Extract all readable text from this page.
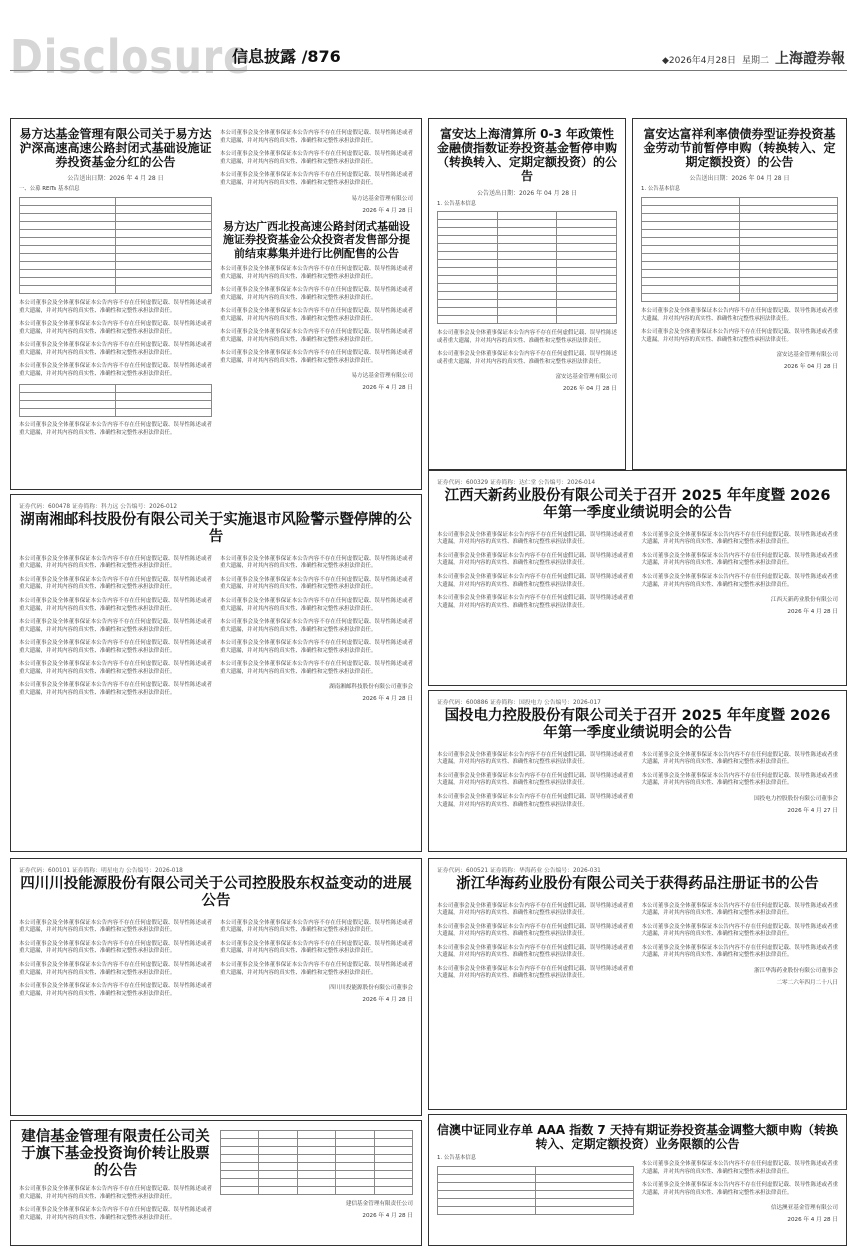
Disclosure
信息披露 /876	◆2026年4月28日 星期二 上海證券報
易方达基金管理有限公司关于易方达沪深高速高速公路封闭式基础设施证券投资基金分红的公告
公告送出日期：2026 年 4 月 28 日
一、公募 REITs 基本信息

本公司董事会及全体董事保证本公告内容不存在任何虚假记载、误导性陈述或者重大遗漏，并对其内容的真实性、准确性和完整性承担法律责任。

本公司董事会及全体董事保证本公告内容不存在任何虚假记载、误导性陈述或者重大遗漏，并对其内容的真实性、准确性和完整性承担法律责任。

本公司董事会及全体董事保证本公告内容不存在任何虚假记载、误导性陈述或者重大遗漏，并对其内容的真实性、准确性和完整性承担法律责任。

本公司董事会及全体董事保证本公告内容不存在任何虚假记载、误导性陈述或者重大遗漏，并对其内容的真实性、准确性和完整性承担法律责任。

本公司董事会及全体董事保证本公告内容不存在任何虚假记载、误导性陈述或者重大遗漏，并对其内容的真实性、准确性和完整性承担法律责任。

本公司董事会及全体董事保证本公告内容不存在任何虚假记载、误导性陈述或者重大遗漏，并对其内容的真实性、准确性和完整性承担法律责任。

本公司董事会及全体董事保证本公告内容不存在任何虚假记载、误导性陈述或者重大遗漏，并对其内容的真实性、准确性和完整性承担法律责任。

本公司董事会及全体董事保证本公告内容不存在任何虚假记载、误导性陈述或者重大遗漏，并对其内容的真实性、准确性和完整性承担法律责任。

易方达基金管理有限公司
2026 年 4 月 28 日
易方达广西北投高速公路封闭式基础设施证券投资基金公众投资者发售部分提前结束募集并进行比例配售的公告

本公司董事会及全体董事保证本公告内容不存在任何虚假记载、误导性陈述或者重大遗漏，并对其内容的真实性、准确性和完整性承担法律责任。

本公司董事会及全体董事保证本公告内容不存在任何虚假记载、误导性陈述或者重大遗漏，并对其内容的真实性、准确性和完整性承担法律责任。

本公司董事会及全体董事保证本公告内容不存在任何虚假记载、误导性陈述或者重大遗漏，并对其内容的真实性、准确性和完整性承担法律责任。

本公司董事会及全体董事保证本公告内容不存在任何虚假记载、误导性陈述或者重大遗漏，并对其内容的真实性、准确性和完整性承担法律责任。

本公司董事会及全体董事保证本公告内容不存在任何虚假记载、误导性陈述或者重大遗漏，并对其内容的真实性、准确性和完整性承担法律责任。

易方达基金管理有限公司
2026 年 4 月 28 日
富安达上海清算所 0-3 年政策性金融债指数证券投资基金暂停申购（转换转入、定期定额投资）的公告
公告送出日期：2026 年 04 月 28 日
1. 公告基本信息

本公司董事会及全体董事保证本公告内容不存在任何虚假记载、误导性陈述或者重大遗漏，并对其内容的真实性、准确性和完整性承担法律责任。

本公司董事会及全体董事保证本公告内容不存在任何虚假记载、误导性陈述或者重大遗漏，并对其内容的真实性、准确性和完整性承担法律责任。

富安达基金管理有限公司
2026 年 04 月 28 日
富安达富祥利率债债券型证券投资基金劳动节前暂停申购（转换转入、定期定额投资）的公告
公告送出日期：2026 年 04 月 28 日
1. 公告基本信息

本公司董事会及全体董事保证本公告内容不存在任何虚假记载、误导性陈述或者重大遗漏，并对其内容的真实性、准确性和完整性承担法律责任。

本公司董事会及全体董事保证本公告内容不存在任何虚假记载、误导性陈述或者重大遗漏，并对其内容的真实性、准确性和完整性承担法律责任。

富安达基金管理有限公司
2026 年 04 月 28 日
证券代码：600478 证券简称：科力远 公告编号：2026-012
湖南湘邮科技股份有限公司关于实施退市风险警示暨停牌的公告

本公司董事会及全体董事保证本公告内容不存在任何虚假记载、误导性陈述或者重大遗漏，并对其内容的真实性、准确性和完整性承担法律责任。

本公司董事会及全体董事保证本公告内容不存在任何虚假记载、误导性陈述或者重大遗漏，并对其内容的真实性、准确性和完整性承担法律责任。

本公司董事会及全体董事保证本公告内容不存在任何虚假记载、误导性陈述或者重大遗漏，并对其内容的真实性、准确性和完整性承担法律责任。

本公司董事会及全体董事保证本公告内容不存在任何虚假记载、误导性陈述或者重大遗漏，并对其内容的真实性、准确性和完整性承担法律责任。

本公司董事会及全体董事保证本公告内容不存在任何虚假记载、误导性陈述或者重大遗漏，并对其内容的真实性、准确性和完整性承担法律责任。

本公司董事会及全体董事保证本公告内容不存在任何虚假记载、误导性陈述或者重大遗漏，并对其内容的真实性、准确性和完整性承担法律责任。

本公司董事会及全体董事保证本公告内容不存在任何虚假记载、误导性陈述或者重大遗漏，并对其内容的真实性、准确性和完整性承担法律责任。

本公司董事会及全体董事保证本公告内容不存在任何虚假记载、误导性陈述或者重大遗漏，并对其内容的真实性、准确性和完整性承担法律责任。

本公司董事会及全体董事保证本公告内容不存在任何虚假记载、误导性陈述或者重大遗漏，并对其内容的真实性、准确性和完整性承担法律责任。

本公司董事会及全体董事保证本公告内容不存在任何虚假记载、误导性陈述或者重大遗漏，并对其内容的真实性、准确性和完整性承担法律责任。

本公司董事会及全体董事保证本公告内容不存在任何虚假记载、误导性陈述或者重大遗漏，并对其内容的真实性、准确性和完整性承担法律责任。

本公司董事会及全体董事保证本公告内容不存在任何虚假记载、误导性陈述或者重大遗漏，并对其内容的真实性、准确性和完整性承担法律责任。

本公司董事会及全体董事保证本公告内容不存在任何虚假记载、误导性陈述或者重大遗漏，并对其内容的真实性、准确性和完整性承担法律责任。

湖南湘邮科技股份有限公司董事会
2026 年 4 月 28 日
证券代码：600329 证券简称：达仁堂 公告编号：2026-014
江西天新药业股份有限公司关于召开 2025 年年度暨 2026 年第一季度业绩说明会的公告

本公司董事会及全体董事保证本公告内容不存在任何虚假记载、误导性陈述或者重大遗漏，并对其内容的真实性、准确性和完整性承担法律责任。

本公司董事会及全体董事保证本公告内容不存在任何虚假记载、误导性陈述或者重大遗漏，并对其内容的真实性、准确性和完整性承担法律责任。

本公司董事会及全体董事保证本公告内容不存在任何虚假记载、误导性陈述或者重大遗漏，并对其内容的真实性、准确性和完整性承担法律责任。

本公司董事会及全体董事保证本公告内容不存在任何虚假记载、误导性陈述或者重大遗漏，并对其内容的真实性、准确性和完整性承担法律责任。

本公司董事会及全体董事保证本公告内容不存在任何虚假记载、误导性陈述或者重大遗漏，并对其内容的真实性、准确性和完整性承担法律责任。

本公司董事会及全体董事保证本公告内容不存在任何虚假记载、误导性陈述或者重大遗漏，并对其内容的真实性、准确性和完整性承担法律责任。

本公司董事会及全体董事保证本公告内容不存在任何虚假记载、误导性陈述或者重大遗漏，并对其内容的真实性、准确性和完整性承担法律责任。

江西天新药业股份有限公司
2026 年 4 月 28 日
证券代码：600886 证券简称：国投电力 公告编号：2026-017
国投电力控股股份有限公司关于召开 2025 年年度暨 2026 年第一季度业绩说明会的公告

本公司董事会及全体董事保证本公告内容不存在任何虚假记载、误导性陈述或者重大遗漏，并对其内容的真实性、准确性和完整性承担法律责任。

本公司董事会及全体董事保证本公告内容不存在任何虚假记载、误导性陈述或者重大遗漏，并对其内容的真实性、准确性和完整性承担法律责任。

本公司董事会及全体董事保证本公告内容不存在任何虚假记载、误导性陈述或者重大遗漏，并对其内容的真实性、准确性和完整性承担法律责任。

本公司董事会及全体董事保证本公告内容不存在任何虚假记载、误导性陈述或者重大遗漏，并对其内容的真实性、准确性和完整性承担法律责任。

本公司董事会及全体董事保证本公告内容不存在任何虚假记载、误导性陈述或者重大遗漏，并对其内容的真实性、准确性和完整性承担法律责任。

国投电力控股股份有限公司董事会
2026 年 4 月 27 日
证券代码：600101 证券简称：明星电力 公告编号：2026-018
四川川投能源股份有限公司关于公司控股股东权益变动的进展公告

本公司董事会及全体董事保证本公告内容不存在任何虚假记载、误导性陈述或者重大遗漏，并对其内容的真实性、准确性和完整性承担法律责任。

本公司董事会及全体董事保证本公告内容不存在任何虚假记载、误导性陈述或者重大遗漏，并对其内容的真实性、准确性和完整性承担法律责任。

本公司董事会及全体董事保证本公告内容不存在任何虚假记载、误导性陈述或者重大遗漏，并对其内容的真实性、准确性和完整性承担法律责任。

本公司董事会及全体董事保证本公告内容不存在任何虚假记载、误导性陈述或者重大遗漏，并对其内容的真实性、准确性和完整性承担法律责任。

本公司董事会及全体董事保证本公告内容不存在任何虚假记载、误导性陈述或者重大遗漏，并对其内容的真实性、准确性和完整性承担法律责任。

本公司董事会及全体董事保证本公告内容不存在任何虚假记载、误导性陈述或者重大遗漏，并对其内容的真实性、准确性和完整性承担法律责任。

本公司董事会及全体董事保证本公告内容不存在任何虚假记载、误导性陈述或者重大遗漏，并对其内容的真实性、准确性和完整性承担法律责任。

四川川投能源股份有限公司董事会
2026 年 4 月 28 日
证券代码：600521 证券简称：华海药业 公告编号：2026-031
浙江华海药业股份有限公司关于获得药品注册证书的公告

本公司董事会及全体董事保证本公告内容不存在任何虚假记载、误导性陈述或者重大遗漏，并对其内容的真实性、准确性和完整性承担法律责任。

本公司董事会及全体董事保证本公告内容不存在任何虚假记载、误导性陈述或者重大遗漏，并对其内容的真实性、准确性和完整性承担法律责任。

本公司董事会及全体董事保证本公告内容不存在任何虚假记载、误导性陈述或者重大遗漏，并对其内容的真实性、准确性和完整性承担法律责任。

本公司董事会及全体董事保证本公告内容不存在任何虚假记载、误导性陈述或者重大遗漏，并对其内容的真实性、准确性和完整性承担法律责任。

本公司董事会及全体董事保证本公告内容不存在任何虚假记载、误导性陈述或者重大遗漏，并对其内容的真实性、准确性和完整性承担法律责任。

本公司董事会及全体董事保证本公告内容不存在任何虚假记载、误导性陈述或者重大遗漏，并对其内容的真实性、准确性和完整性承担法律责任。

本公司董事会及全体董事保证本公告内容不存在任何虚假记载、误导性陈述或者重大遗漏，并对其内容的真实性、准确性和完整性承担法律责任。

浙江华海药业股份有限公司董事会
二零二六年四月二十八日
建信基金管理有限责任公司关于旗下基金投资询价转让股票的公告

本公司董事会及全体董事保证本公告内容不存在任何虚假记载、误导性陈述或者重大遗漏，并对其内容的真实性、准确性和完整性承担法律责任。

本公司董事会及全体董事保证本公告内容不存在任何虚假记载、误导性陈述或者重大遗漏，并对其内容的真实性、准确性和完整性承担法律责任。

建信基金管理有限责任公司
2026 年 4 月 28 日
信澳中证同业存单 AAA 指数 7 天持有期证券投资基金调整大额申购（转换转入、定期定额投资）业务限额的公告
1. 公告基本信息

本公司董事会及全体董事保证本公告内容不存在任何虚假记载、误导性陈述或者重大遗漏，并对其内容的真实性、准确性和完整性承担法律责任。

本公司董事会及全体董事保证本公告内容不存在任何虚假记载、误导性陈述或者重大遗漏，并对其内容的真实性、准确性和完整性承担法律责任。

信达澳亚基金管理有限公司
2026 年 4 月 28 日
